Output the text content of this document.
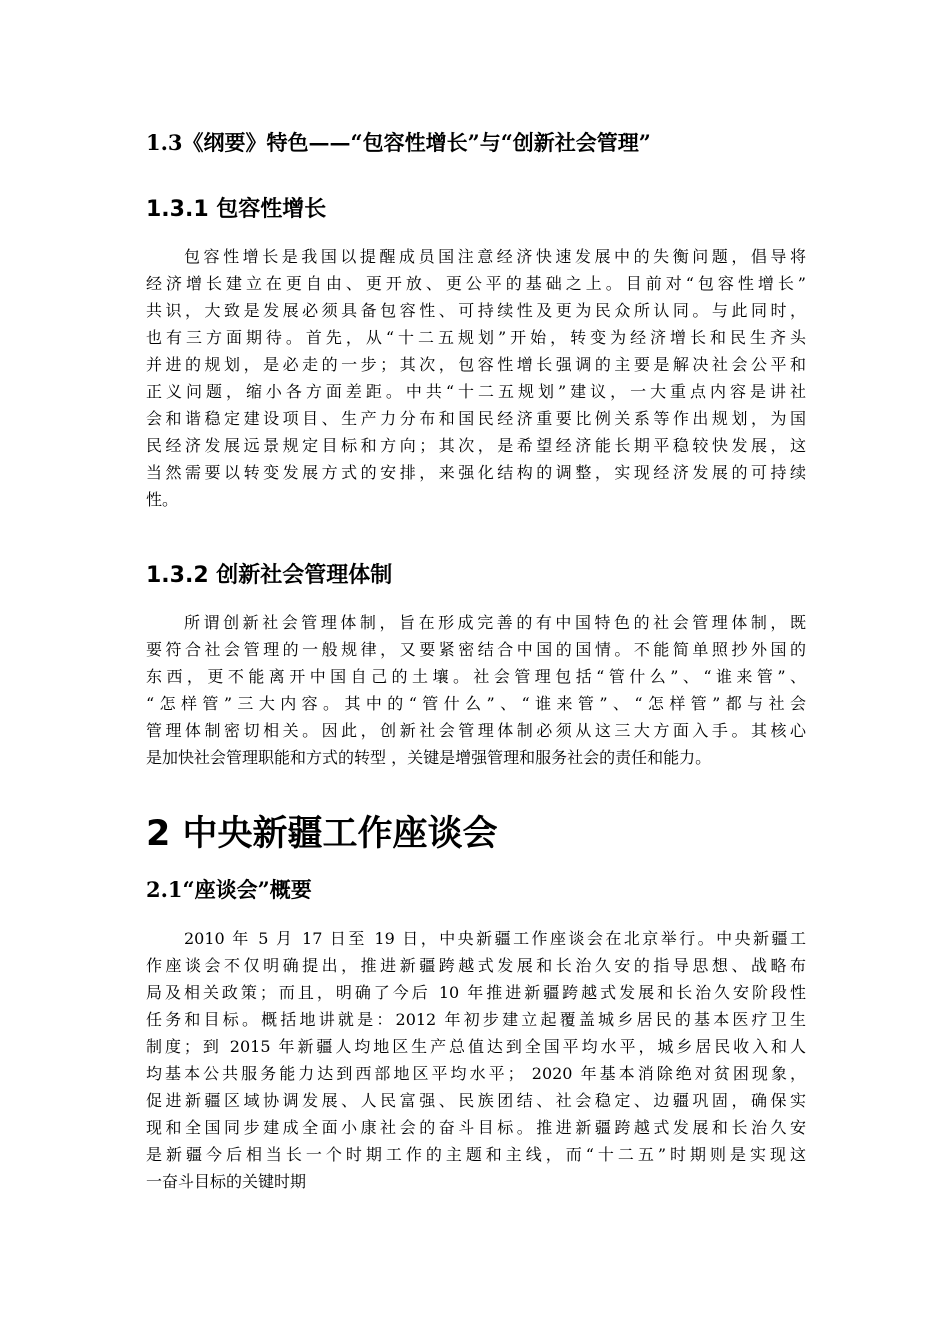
1.3《纲要》特色——“包容性增长”与“创新社会管理”
1.3.1 包容性增长
包容性增长是我国以提醒成员国注意经济快速发展中的失衡问题，倡导将
经济增长建立在更自由、更开放、更公平的基础之上。目前对“包容性增长”
共识，大致是发展必须具备包容性、可持续性及更为民众所认同。与此同时，
也有三方面期待。首先，从“十二五规划”开始，转变为经济增长和民生齐头
并进的规划，是必走的一步；其次，包容性增长强调的主要是解决社会公平和
正义问题，缩小各方面差距。中共“十二五规划”建议，一大重点内容是讲社
会和谐稳定建设项目、生产力分布和国民经济重要比例关系等作出规划，为国
民经济发展远景规定目标和方向；其次，是希望经济能长期平稳较快发展，这
当然需要以转变发展方式的安排，来强化结构的调整，实现经济发展的可持续
性。
1.3.2 创新社会管理体制
所谓创新社会管理体制，旨在形成完善的有中国特色的社会管理体制，既
要符合社会管理的一般规律，又要紧密结合中国的国情。不能简单照抄外国的
东西，更不能离开中国自己的土壤。社会管理包括“管什么”、“谁来管”、
“怎样管”三大内容。其中的“管什么”、“谁来管”、“怎样管”都与社会
管理体制密切相关。因此，创新社会管理体制必须从这三大方面入手。其核心
是加快社会管理职能和方式的转型 ，关键是增强管理和服务社会的责任和能力。
2 中央新疆工作座谈会
2.1“座谈会”概要
2010 年 5 月 17 日至 19 日，中央新疆工作座谈会在北京举行。中央新疆工
作座谈会不仅明确提出，推进新疆跨越式发展和长治久安的指导思想、战略布
局及相关政策；而且，明确了今后 10 年推进新疆跨越式发展和长治久安阶段性
任务和目标。概括地讲就是：2012 年初步建立起覆盖城乡居民的基本医疗卫生
制度；到 2015 年新疆人均地区生产总值达到全国平均水平，城乡居民收入和人
均基本公共服务能力达到西部地区平均水平； 2020 年基本消除绝对贫困现象，
促进新疆区域协调发展、人民富强、民族团结、社会稳定、边疆巩固，确保实
现和全国同步建成全面小康社会的奋斗目标。推进新疆跨越式发展和长治久安
是新疆今后相当长一个时期工作的主题和主线，而“十二五”时期则是实现这
一奋斗目标的关键时期
